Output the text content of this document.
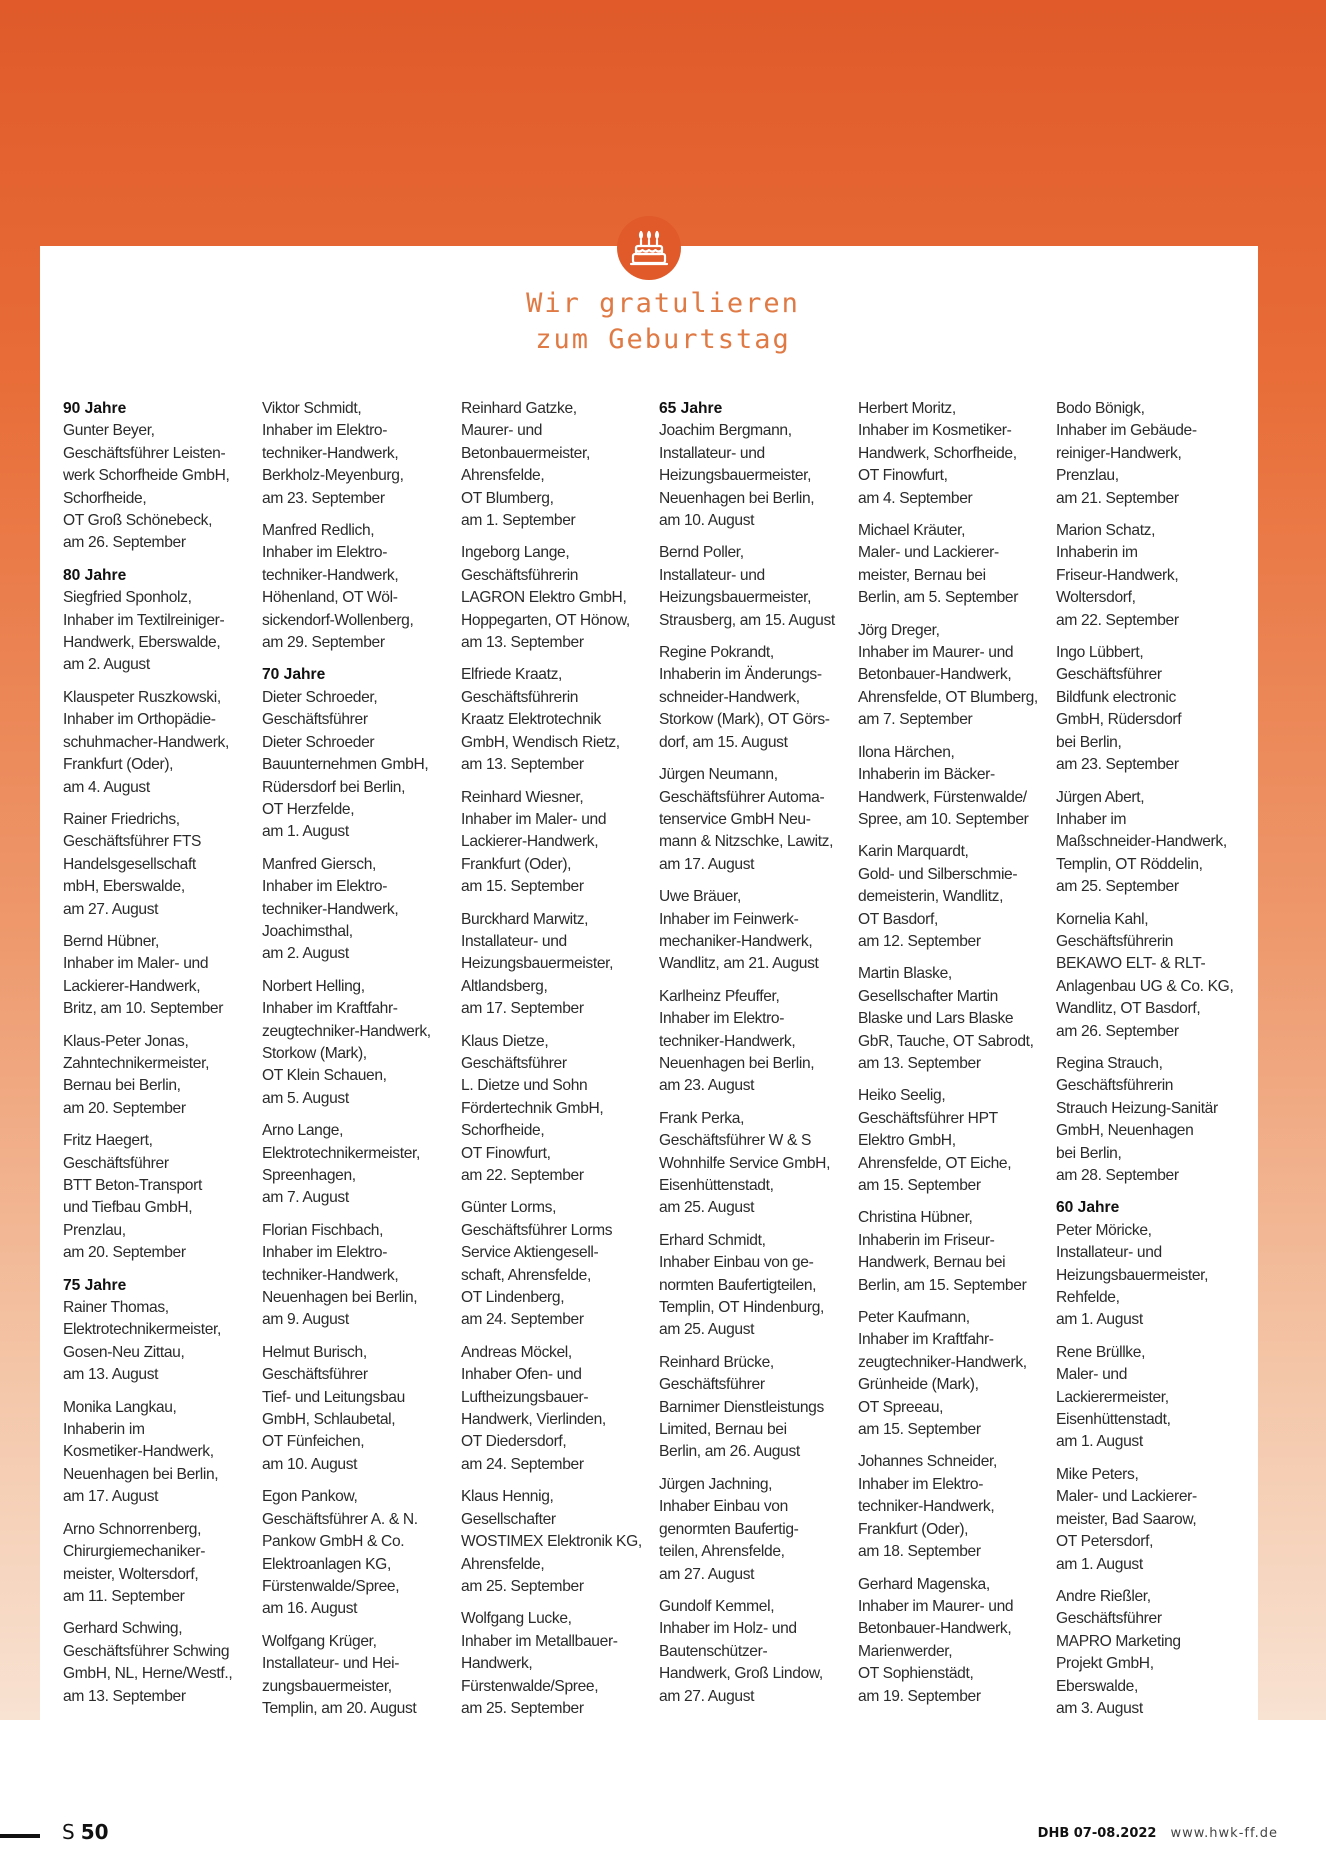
Wir gratulieren
zum Geburtstag
90 Jahre
Gunter Beyer,
Geschäftsführer Leisten-
werk Schorfheide GmbH,
Schorfheide,
OT Groß Schönebeck,
am 26. September
80 Jahre
Siegfried Sponholz,
Inhaber im Textilreiniger-
Handwerk, Eberswalde,
am 2. August
Klauspeter Ruszkowski,
Inhaber im Orthopädie-
schuhmacher-Handwerk,
Frankfurt (Oder),
am 4. August
Rainer Friedrichs,
Geschäftsführer FTS
Handelsgesellschaft
mbH, Eberswalde,
am 27. August
Bernd Hübner,
Inhaber im Maler- und
Lackierer-Handwerk,
Britz, am 10. September
Klaus-Peter Jonas,
Zahntechnikermeister,
Bernau bei Berlin,
am 20. September
Fritz Haegert,
Geschäftsführer
BTT Beton-Transport
und Tiefbau GmbH,
Prenzlau,
am 20. September
75 Jahre
Rainer Thomas,
Elektrotechnikermeister,
Gosen-Neu Zittau,
am 13. August
Monika Langkau,
Inhaberin im
Kosmetiker-Handwerk,
Neuenhagen bei Berlin,
am 17. August
Arno Schnorrenberg,
Chirurgiemechaniker-
meister, Woltersdorf,
am 11. September
Gerhard Schwing,
Geschäftsführer Schwing
GmbH, NL, Herne/Westf.,
am 13. September
Viktor Schmidt,
Inhaber im Elektro-
techniker-Handwerk,
Berkholz-Meyenburg,
am 23. September
Manfred Redlich,
Inhaber im Elektro-
techniker-Handwerk,
Höhenland, OT Wöl-
sickendorf-Wollenberg,
am 29. September
70 Jahre
Dieter Schroeder,
Geschäftsführer
Dieter Schroeder
Bauunternehmen GmbH,
Rüdersdorf bei Berlin,
OT Herzfelde,
am 1. August
Manfred Giersch,
Inhaber im Elektro-
techniker-Handwerk,
Joachimsthal,
am 2. August
Norbert Helling,
Inhaber im Kraftfahr-
zeugtechniker-Handwerk,
Storkow (Mark),
OT Klein Schauen,
am 5. August
Arno Lange,
Elektrotechnikermeister,
Spreenhagen,
am 7. August
Florian Fischbach,
Inhaber im Elektro-
techniker-Handwerk,
Neuenhagen bei Berlin,
am 9. August
Helmut Burisch,
Geschäftsführer
Tief- und Leitungsbau
GmbH, Schlaubetal,
OT Fünfeichen,
am 10. August
Egon Pankow,
Geschäftsführer A. & N.
Pankow GmbH & Co.
Elektroanlagen KG,
Fürstenwalde/Spree,
am 16. August
Wolfgang Krüger,
Installateur- und Hei-
zungsbauermeister,
Templin, am 20. August
Reinhard Gatzke,
Maurer- und
Betonbauermeister,
Ahrensfelde,
OT Blumberg,
am 1. September
Ingeborg Lange,
Geschäftsführerin
LAGRON Elektro GmbH,
Hoppegarten, OT Hönow,
am 13. September
Elfriede Kraatz,
Geschäftsführerin
Kraatz Elektrotechnik
GmbH, Wendisch Rietz,
am 13. September
Reinhard Wiesner,
Inhaber im Maler- und
Lackierer-Handwerk,
Frankfurt (Oder),
am 15. September
Burckhard Marwitz,
Installateur- und
Heizungsbauermeister,
Altlandsberg,
am 17. September
Klaus Dietze,
Geschäftsführer
L. Dietze und Sohn
Fördertechnik GmbH,
Schorfheide,
OT Finowfurt,
am 22. September
Günter Lorms,
Geschäftsführer Lorms
Service Aktiengesell-
schaft, Ahrensfelde,
OT Lindenberg,
am 24. September
Andreas Möckel,
Inhaber Ofen- und
Luftheizungsbauer-
Handwerk, Vierlinden,
OT Diedersdorf,
am 24. September
Klaus Hennig,
Gesellschafter
WOSTIMEX Elektronik KG,
Ahrensfelde,
am 25. September
Wolfgang Lucke,
Inhaber im Metallbauer-
Handwerk,
Fürstenwalde/Spree,
am 25. September
65 Jahre
Joachim Bergmann,
Installateur- und
Heizungsbauermeister,
Neuenhagen bei Berlin,
am 10. August
Bernd Poller,
Installateur- und
Heizungsbauermeister,
Strausberg, am 15. August
Regine Pokrandt,
Inhaberin im Änderungs-
schneider-Handwerk,
Storkow (Mark), OT Görs-
dorf, am 15. August
Jürgen Neumann,
Geschäftsführer Automa-
tenservice GmbH Neu-
mann & Nitzschke, Lawitz,
am 17. August
Uwe Bräuer,
Inhaber im Feinwerk-
mechaniker-Handwerk,
Wandlitz, am 21. August
Karlheinz Pfeuffer,
Inhaber im Elektro-
techniker-Handwerk,
Neuenhagen bei Berlin,
am 23. August
Frank Perka,
Geschäftsführer W & S
Wohnhilfe Service GmbH,
Eisenhüttenstadt,
am 25. August
Erhard Schmidt,
Inhaber Einbau von ge-
normten Baufertigteilen,
Templin, OT Hindenburg,
am 25. August
Reinhard Brücke,
Geschäftsführer
Barnimer Dienstleistungs
Limited, Bernau bei
Berlin, am 26. August
Jürgen Jachning,
Inhaber Einbau von
genormten Baufertig-
teilen, Ahrensfelde,
am 27. August
Gundolf Kemmel,
Inhaber im Holz- und
Bautenschützer-
Handwerk, Groß Lindow,
am 27. August
Herbert Moritz,
Inhaber im Kosmetiker-
Handwerk, Schorfheide,
OT Finowfurt,
am 4. September
Michael Kräuter,
Maler- und Lackierer-
meister, Bernau bei
Berlin, am 5. September
Jörg Dreger,
Inhaber im Maurer- und
Betonbauer-Handwerk,
Ahrensfelde, OT Blumberg,
am 7. September
Ilona Härchen,
Inhaberin im Bäcker-
Handwerk, Fürstenwalde/
Spree, am 10. September
Karin Marquardt,
Gold- und Silberschmie-
demeisterin, Wandlitz,
OT Basdorf,
am 12. September
Martin Blaske,
Gesellschafter Martin
Blaske und Lars Blaske
GbR, Tauche, OT Sabrodt,
am 13. September
Heiko Seelig,
Geschäftsführer HPT
Elektro GmbH,
Ahrensfelde, OT Eiche,
am 15. September
Christina Hübner,
Inhaberin im Friseur-
Handwerk, Bernau bei
Berlin, am 15. September
Peter Kaufmann,
Inhaber im Kraftfahr-
zeugtechniker-Handwerk,
Grünheide (Mark),
OT Spreeau,
am 15. September
Johannes Schneider,
Inhaber im Elektro-
techniker-Handwerk,
Frankfurt (Oder),
am 18. September
Gerhard Magenska,
Inhaber im Maurer- und
Betonbauer-Handwerk,
Marienwerder,
OT Sophienstädt,
am 19. September
Bodo Bönigk,
Inhaber im Gebäude-
reiniger-Handwerk,
Prenzlau,
am 21. September
Marion Schatz,
Inhaberin im
Friseur-Handwerk,
Woltersdorf,
am 22. September
Ingo Lübbert,
Geschäftsführer
Bildfunk electronic
GmbH, Rüdersdorf
bei Berlin,
am 23. September
Jürgen Abert,
Inhaber im
Maßschneider-Handwerk,
Templin, OT Röddelin,
am 25. September
Kornelia Kahl,
Geschäftsführerin
BEKAWO ELT- & RLT-
Anlagenbau UG & Co. KG,
Wandlitz, OT Basdorf,
am 26. September
Regina Strauch,
Geschäftsführerin
Strauch Heizung-Sanitär
GmbH, Neuenhagen
bei Berlin,
am 28. September
60 Jahre
Peter Möricke,
Installateur- und
Heizungsbauermeister,
Rehfelde,
am 1. August
Rene Brüllke,
Maler- und
Lackierermeister,
Eisenhüttenstadt,
am 1. August
Mike Peters,
Maler- und Lackierer-
meister, Bad Saarow,
OT Petersdorf,
am 1. August
Andre Rießler,
Geschäftsführer
MAPRO Marketing
Projekt GmbH,
Eberswalde,
am 3. August
S 50	DHB 07-08.2022 www.hwk-ff.de
